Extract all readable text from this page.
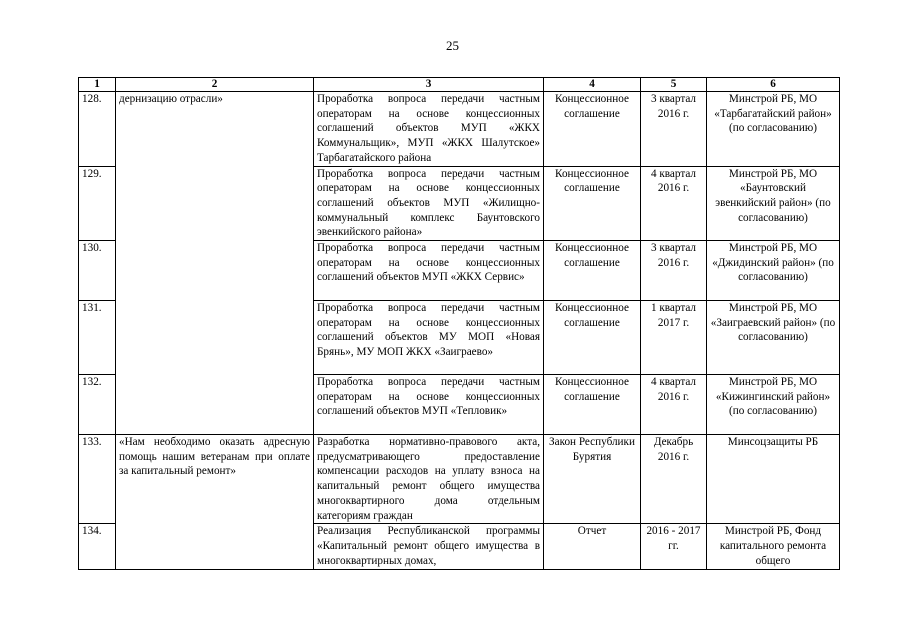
25
1	2	3	4	5	6
128.	дернизацию отрасли»	Проработка вопроса передачи частным операторам на основе концессионных соглашений объектов МУП «ЖКХ Коммунальщик», МУП «ЖКХ Шалутское» Тарбагатайского района	Концессионное соглашение	3 квартал 2016 г.	Минстрой РБ, МО «Тарбагатайский район» (по согласованию)
129.		Проработка вопроса передачи частным операторам на основе концессионных соглашений объектов МУП «Жилищно-коммунальный комплекс Баунтовского эвенкийского района»	Концессионное соглашение	4 квартал 2016 г.	Минстрой РБ, МО «Баунтовский эвенкийский район» (по согласованию)
130.		Проработка вопроса передачи частным операторам на основе концессионных соглашений объектов МУП «ЖКХ Сервис»	Концессионное соглашение	3 квартал 2016 г.	Минстрой РБ, МО «Джидинский район» (по согласованию)
131.		Проработка вопроса передачи частным операторам на основе концессионных соглашений объектов МУ МОП «Новая Брянь», МУ МОП ЖКХ «Заиграево»	Концессионное соглашение	1 квартал 2017 г.	Минстрой РБ, МО «Заиграевский район» (по согласованию)
132.		Проработка вопроса передачи частным операторам на основе концессионных соглашений объектов МУП «Тепловик»	Концессионное соглашение	4 квартал 2016 г.	Минстрой РБ, МО «Кижингинский район» (по согласованию)
133.	«Нам необходимо оказать адресную помощь нашим ветеранам при оплате за капитальный ремонт»	Разработка нормативно-правового акта, предусматривающего предоставление компенсации расходов на уплату взноса на капитальный ремонт общего имущества многоквартирного дома отдельным категориям граждан	Закон Республики Бурятия	Декабрь 2016 г.	Минсоцзащиты РБ
134.		Реализация Республиканской программы «Капитальный ремонт общего имущества в многоквартирных домах,	Отчет	2016 - 2017 гг.	Минстрой РБ, Фонд капитального ремонта общего
